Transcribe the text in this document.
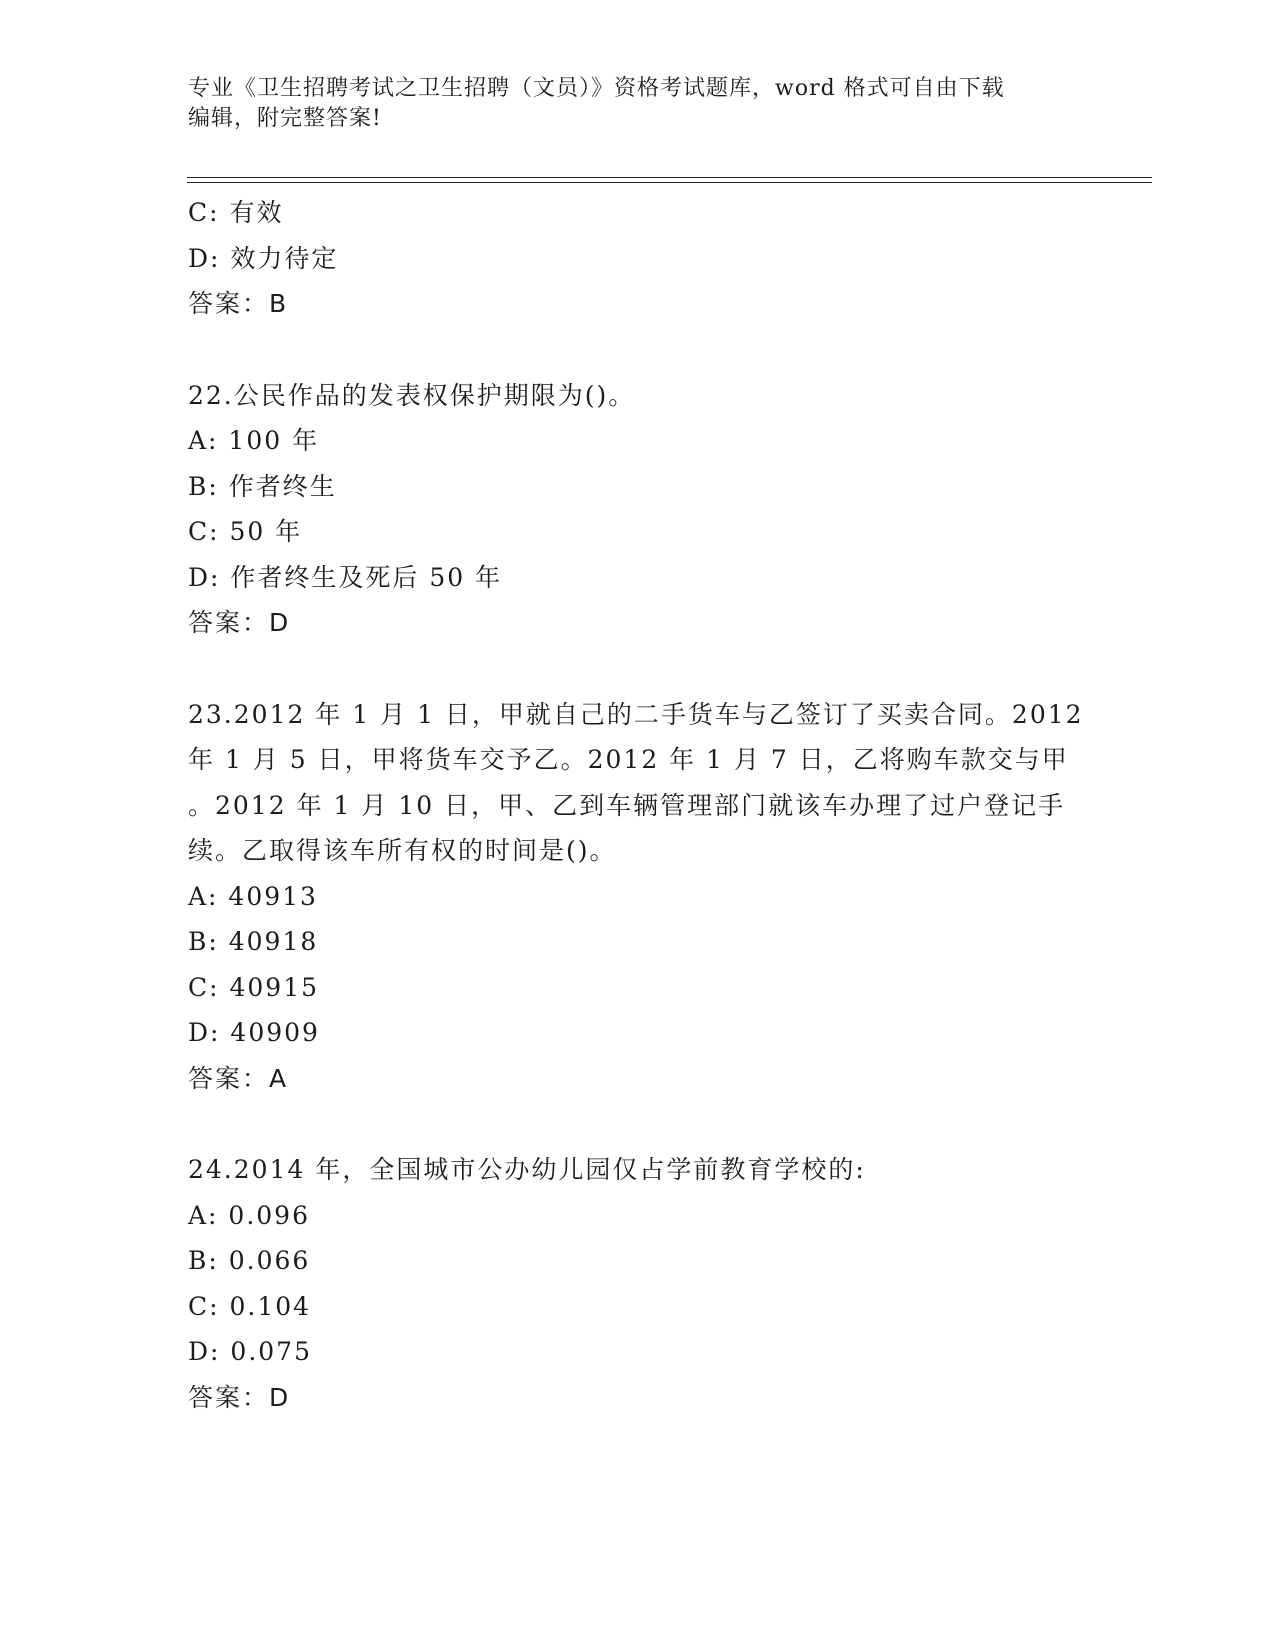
专业《卫生招聘考试之卫生招聘（文员）》资格考试题库，word 格式可自由下载
编辑，附完整答案!
C: 有效
D: 效力待定
答案：B
22.公民作品的发表权保护期限为()。
A: 100 年
B: 作者终生
C: 50 年
D: 作者终生及死后 50 年
答案：D
23.2012 年 1 月 1 日，甲就自己的二手货车与乙签订了买卖合同。2012
年 1 月 5 日，甲将货车交予乙。2012 年 1 月 7 日，乙将购车款交与甲
。2012 年 1 月 10 日，甲、乙到车辆管理部门就该车办理了过户登记手
续。乙取得该车所有权的时间是()。
A: 40913
B: 40918
C: 40915
D: 40909
答案：A
24.2014 年，全国城市公办幼儿园仅占学前教育学校的:
A: 0.096
B: 0.066
C: 0.104
D: 0.075
答案：D
